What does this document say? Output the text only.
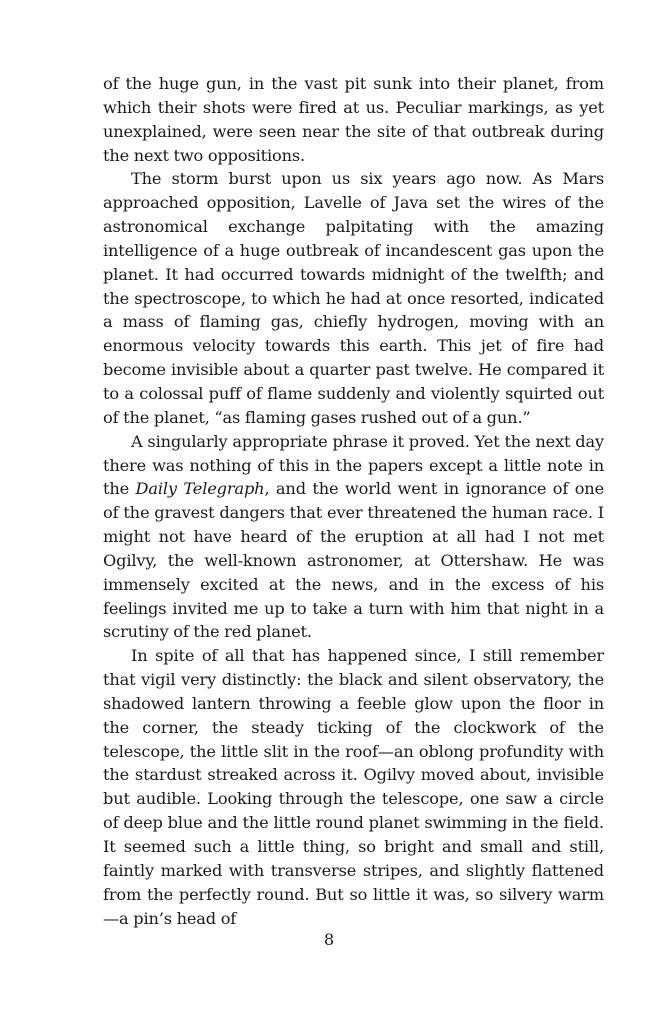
of the huge gun, in the vast pit sunk into their planet, from which their shots were fired at us. Peculiar markings, as yet unexplained, were seen near the site of that outbreak during the next two oppositions.

The storm burst upon us six years ago now. As Mars approached opposition, Lavelle of Java set the wires of the astronomical exchange palpitating with the amazing intelligence of a huge outbreak of incandescent gas upon the planet. It had occurred towards midnight of the twelfth; and the spectroscope, to which he had at once resorted, indicated a mass of flaming gas, chiefly hydrogen, moving with an enormous velocity towards this earth. This jet of fire had become invisible about a quarter past twelve. He compared it to a colossal puff of flame suddenly and violently squirted out of the planet, “as flaming gases rushed out of a gun.”

A singularly appropriate phrase it proved. Yet the next day there was nothing of this in the papers except a little note in the Daily Telegraph, and the world went in ignorance of one of the gravest dangers that ever threatened the human race. I might not have heard of the eruption at all had I not met Ogilvy, the well-known astronomer, at Ottershaw. He was immensely excited at the news, and in the excess of his feelings invited me up to take a turn with him that night in a scrutiny of the red planet.

In spite of all that has happened since, I still remember that vigil very distinctly: the black and silent observatory, the shadowed lantern throwing a feeble glow upon the floor in the corner, the steady ticking of the clockwork of the telescope, the little slit in the roof—an oblong profundity with the stardust streaked across it. Ogilvy moved about, invisible but audible. Looking through the telescope, one saw a circle of deep blue and the little round planet swimming in the field. It seemed such a little thing, so bright and small and still, faintly marked with transverse stripes, and slightly flattened from the perfectly round. But so little it was, so silvery warm—a pin’s head of

8
